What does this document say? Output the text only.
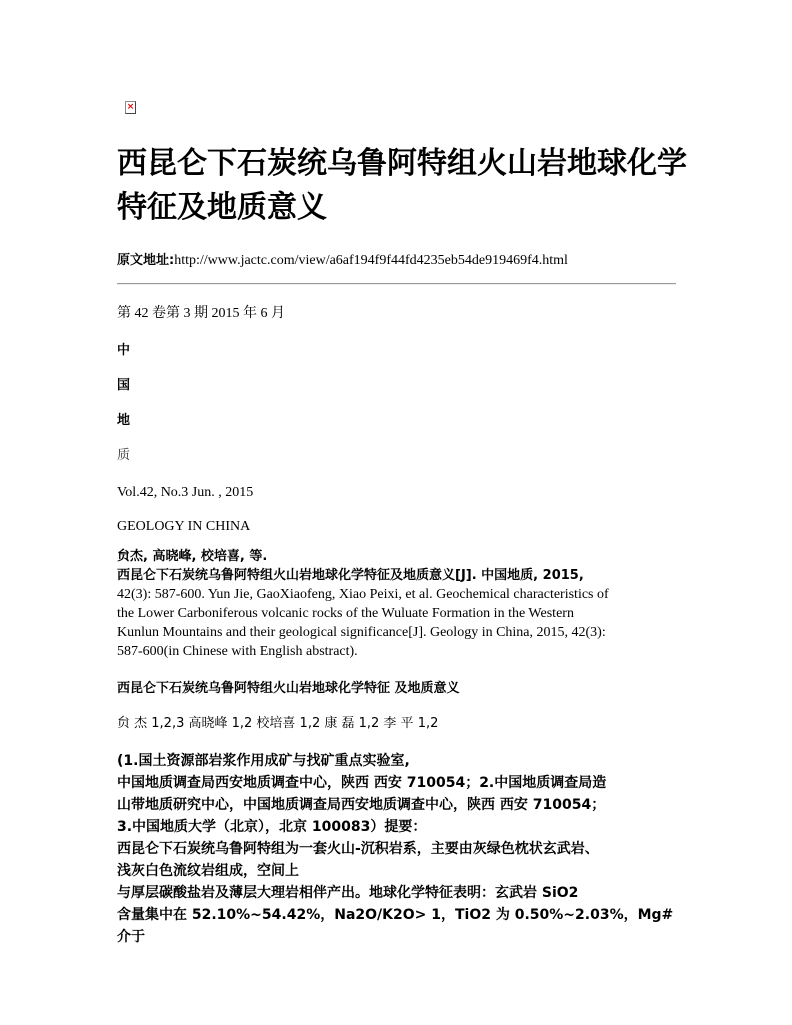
×
西昆仑下石炭统乌鲁阿特组火山岩地球化学特征及地质意义
原文地址:http://www.jactc.com/view/a6af194f9f44fd4235eb54de919469f4.html
第 42 卷第 3 期 2015 年 6 月
中
国
地
质
Vol.42, No.3 Jun. , 2015
GEOLOGY IN CHINA
贠杰, 高晓峰, 校培喜, 等.
西昆仑下石炭统乌鲁阿特组火山岩地球化学特征及地质意义[J]. 中国地质, 2015,
42(3): 587-600. Yun Jie, GaoXiaofeng, Xiao Peixi, et al. Geochemical characteristics of
the Lower Carboniferous volcanic rocks of the Wuluate Formation in the Western
Kunlun Mountains and their geological significance[J]. Geology in China, 2015, 42(3):
587-600(in Chinese with English abstract).
西昆仑下石炭统乌鲁阿特组火山岩地球化学特征 及地质意义
贠 杰 1,2,3 高晓峰 1,2 校培喜 1,2 康 磊 1,2 李 平 1,2
(1.国土资源部岩浆作用成矿与找矿重点实验室,
中国地质调查局西安地质调查中心，陕西 西安 710054；2.中国地质调查局造
山带地质研究中心，中国地质调查局西安地质调查中心，陕西 西安 710054；
3.中国地质大学（北京），北京 100083）提要：
西昆仑下石炭统乌鲁阿特组为一套火山-沉积岩系，主要由灰绿色枕状玄武岩、
浅灰白色流纹岩组成，空间上
与厚层碳酸盐岩及薄层大理岩相伴产出。地球化学特征表明：玄武岩 SiO2
含量集中在 52.10%~54.42%，Na2O/K2O> 1，TiO2 为 0.50%~2.03%，Mg# 介于
